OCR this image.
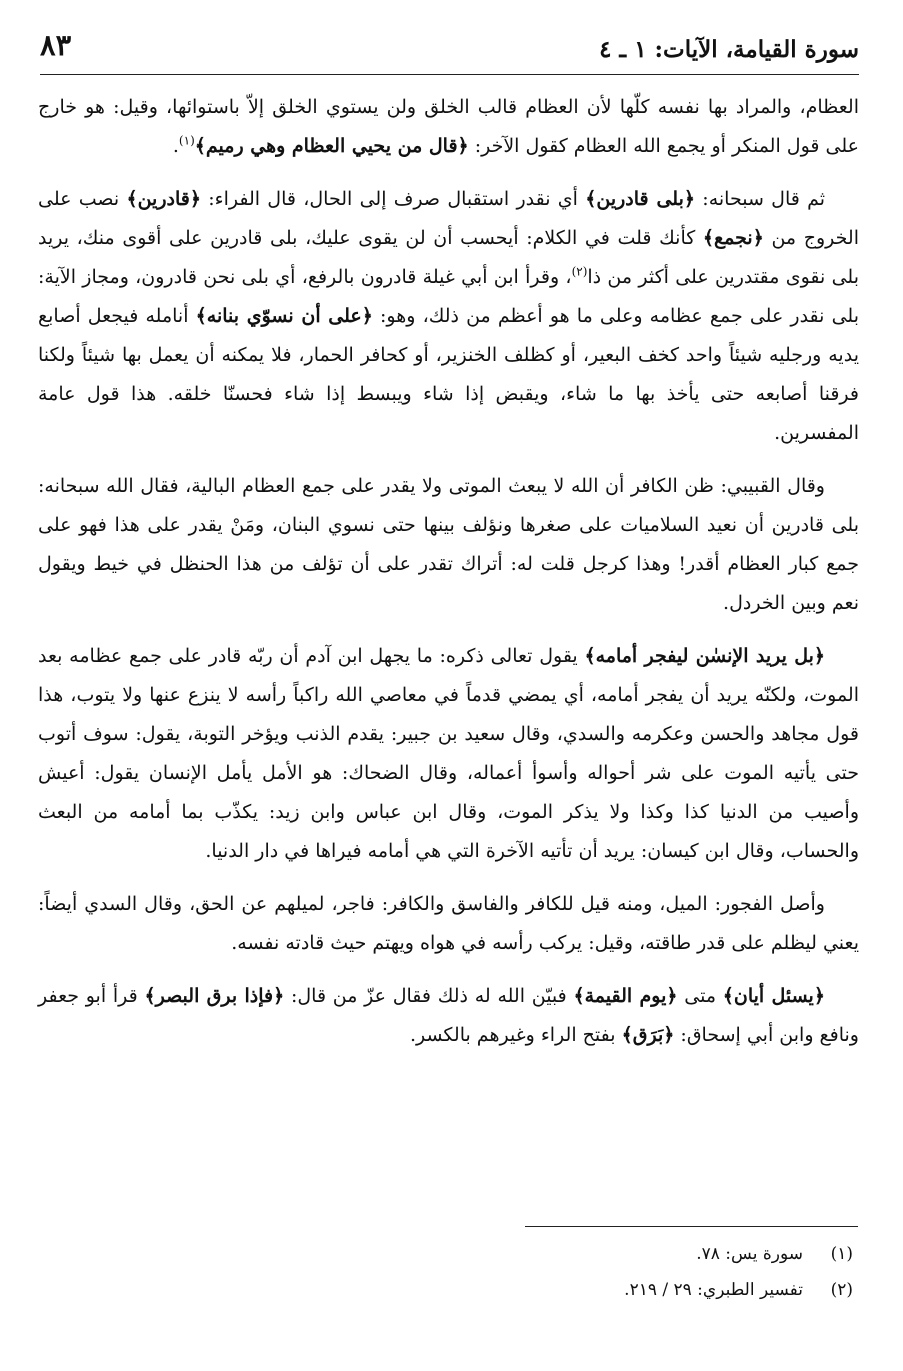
سورة القيامة، الآيات: ١ ـ ٤
٨٣

العظام، والمراد بها نفسه كلّها لأن العظام قالب الخلق ولن يستوي الخلق إلاّ باستوائها، وقيل: هو خارج على قول المنكر أو يجمع الله العظام كقول الآخر: ﴿قال من يحيي العظام وهي رميم﴾$^{(١)}$.

ثم قال سبحانه: ﴿بلى قادرين﴾ أي نقدر استقبال صرف إلى الحال، قال الفراء: ﴿قادرين﴾ نصب على الخروج من ﴿نجمع﴾ كأنك قلت في الكلام: أيحسب أن لن يقوى عليك، بلى قادرين على أقوى منك، يريد بلى نقوى مقتدرين على أكثر من ذا$^{(٢)}$، وقرأ ابن أبي غيلة قادرون بالرفع، أي بلى نحن قادرون، ومجاز الآية: بلى نقدر على جمع عظامه وعلى ما هو أعظم من ذلك، وهو: ﴿على أن نسوّي بنانه﴾ أنامله فيجعل أصابع يديه ورجليه شيئاً واحد كخف البعير، أو كظلف الخنزير، أو كحافر الحمار، فلا يمكنه أن يعمل بها شيئاً ولكنا فرقنا أصابعه حتى يأخذ بها ما شاء، ويقبض إذا شاء ويبسط إذا شاء فحسنّا خلقه. هذا قول عامة المفسرين.

وقال القبيبي: ظن الكافر أن الله لا يبعث الموتى ولا يقدر على جمع العظام البالية، فقال الله سبحانه: بلى قادرين أن نعيد السلاميات على صغرها ونؤلف بينها حتى نسوي البنان، ومَنْ يقدر على هذا فهو على جمع كبار العظام أقدر! وهذا كرجل قلت له: أتراك تقدر على أن تؤلف من هذا الحنظل في خيط ويقول نعم وبين الخردل.

﴿بل يريد الإنسٰن ليفجر أمامه﴾ يقول تعالى ذكره: ما يجهل ابن آدم أن ربّه قادر على جمع عظامه بعد الموت، ولكنّه يريد أن يفجر أمامه، أي يمضي قدماً في معاصي الله راكباً رأسه لا ينزع عنها ولا يتوب، هذا قول مجاهد والحسن وعكرمه والسدي، وقال سعيد بن جبير: يقدم الذنب ويؤخر التوبة، يقول: سوف أتوب حتى يأتيه الموت على شر أحواله وأسوأ أعماله، وقال الضحاك: هو الأمل يأمل الإنسان يقول: أعيش وأصيب من الدنيا كذا وكذا ولا يذكر الموت، وقال ابن عباس وابن زيد: يكذّب بما أمامه من البعث والحساب، وقال ابن كيسان: يريد أن تأتيه الآخرة التي هي أمامه فيراها في دار الدنيا.

وأصل الفجور: الميل، ومنه قيل للكافر والفاسق والكافر: فاجر، لميلهم عن الحق، وقال السدي أيضاً: يعني ليظلم على قدر طاقته، وقيل: يركب رأسه في هواه ويهتم حيث قادته نفسه.

﴿يسئل أيان﴾ متى ﴿يوم القيمة﴾ فبيّن الله له ذلك فقال عزّ من قال: ﴿فإذا برق البصر﴾ قرأ أبو جعفر ونافع وابن أبي إسحاق: ﴿بَرَق﴾ بفتح الراء وغيرهم بالكسر.

(١)
سورة يس: ٧٨.
(٢)
تفسير الطبري: ٢٩ / ٢١٩.
